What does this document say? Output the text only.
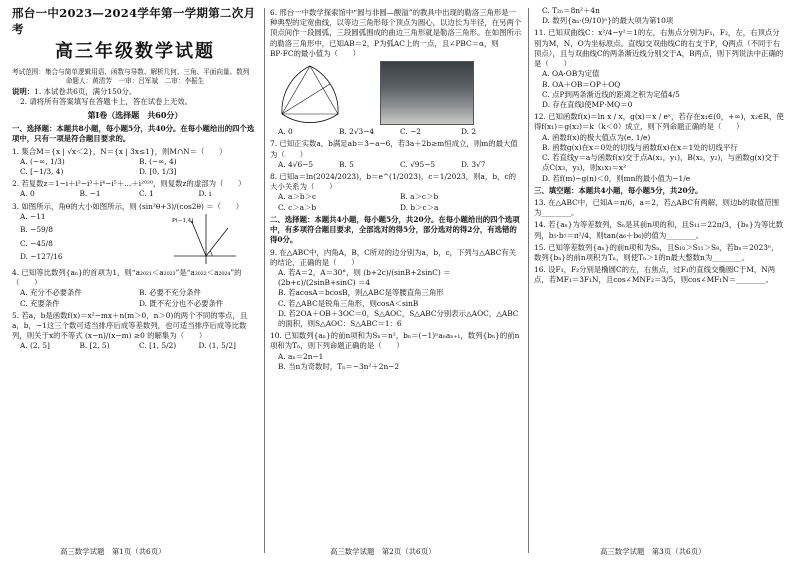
邢台一中2023—2024学年第一学期第二次月考

高三年级数学试题

考试范围：集合与简单逻辑用语、函数与导数、解析几何、三角、平面向量、数列

命题人：黄清芳　一审：吕军斌　二审：李振生

说明：1. 本试卷共6页，满分150分。

2. 请将所有答案填写在答题卡上，答在试卷上无效。

第Ⅰ卷（选择题　共60分）

一、选择题：本题共8小题，每小题5分，共40分。在每小题给出的四个选项中，只有一项是符合题目要求的。

1. 集合M＝{x | √x＜2}，N＝{x | 3x≤1}，则M∩N＝（　　）

A. (−∞, 1/3)	B. (−∞, 4)
C. [−1/3, 4)	D. [0, 1/3]

2. 若复数z＝1−i＋i²−i³＋i⁴−i⁵＋…＋i²⁰²⁰，则复数z的虚部为（　　）

A. 0	B. −1	C. 1	D. i

3. 如图所示，角θ的大小如图所示，则 (sin²θ+3)/(cos2θ) ＝（　　）

A. −11
B. −59/8
C. −45/8
D. −127/16
P(−1,4)

4. 已知等比数列{aₙ}的首项为1，则“a₂₀₂₁＜a₂₀₂₃”是“a₂₀₂₂＜a₂₀₂₄”的（　　）

A. 充分不必要条件	B. 必要不充分条件
C. 充要条件	D. 既不充分也不必要条件

5. 若a，b是函数f(x)＝x²−mx＋n(m＞0，n＞0)的两个不同的零点，且a，b，−1这三个数可适当排序后成等差数列，也可适当排序后成等比数列，则关于x的不等式 (x−n)/(x−m) ≥0 的解集为（　　）

A. (2, 5]	B. [2, 5)	C. [1, 5/2)	D. (1, 5/2]

6. 邢台一中数学探索馆中“圆与非圆—酸溢”的教具中出现的勒洛三角形是一种典型的定宽曲线，以等边三角形每个顶点为圆心，以边长为半径，在另两个顶点间作一段圆弧，三段圆弧围成的曲边三角形就是勒洛三角形。在如图所示的勒洛三角形中，已知AB＝2，P为弧AC上的一点，且∠PBC＝α，则BP·FC的最小值为（　　）

A. 0	B. 2√3−4	C. −2	D. 2

7. 已知正实数a，b满足ab＝3−a−6，若3a＋2b≥m恒成立，则m的最大值为（　　）

A. 4√6−5	B. 5	C. √95−5	D. 3√7

8. 已知a＝ln(2024/2023)，b＝e^(1/2023)，c＝1/2023，则a，b，c的大小关系为（　　）

A. a＞b＞c	B. a＞c＞b
C. c＞a＞b	D. b＞c＞a

二、选择题：本题共4小题，每小题5分，共20分。在每小题给出的四个选项中，有多项符合题目要求，全部选对的得5分，部分选对的得2分，有选错的得0分。

9. 在△ABC中，内角A，B，C所对的边分别为a，b，c，下列与△ABC有关的结论，正确的是（　　）

A. 若A＝2，A＝30°，则 (b+2c)/(sinB+2sinC) ＝ (2b+c)/(2sinB+sinC) ＝4
B. 若acosA＝bcosB，则△ABC是等腰直角三角形
C. 若△ABC是锐角三角形，则cosA＜sinB
D. 若2OA＋OB＋3OC＝0，S△AOC，S△ABC分别表示△AOC，△ABC的面积，则S△AOC：S△ABC＝1：6

10. 已知数列{aₙ}的前n项和为Sₙ＝n²，bₙ＝(−1)ⁿaₙaₙ₊₁，数列{bₙ}的前n项和为Tₙ，则下列命题正确的是（　　）

A. aₙ＝2n−1
B. 当n为奇数时，Tₙ＝−3n²＋2n−2
C. T₂ₙ＝8n²＋4n
D. 数列{aₙ·(9/10)ⁿ}的最大项为第10项

11. 已知双曲线C：x²/4−y²＝1的左，右焦点分别为F₁，F₂，左，右顶点分别为M，N，O为坐标原点。直线l交双曲线C的右支于P，Q两点（不同于右顶点），且与双曲线C的两条渐近线分别交于A，B两点，则下列说法中正确的是（　　）

A. OA·OB为定值
B. OA＋OB＝OP＋OQ
C. 点P到两条渐近线的距离之积为定值4/5
D. 存在直线l使MP·MQ＝0

12. 已知函数f(x)＝ln x / x，g(x)＝x / eˣ，若存在x₁∈(0，+∞)，x₂∈R，使得f(x₁)＝g(x₂)＝k（k＜0）成立，则下列命题正确的是（　　）

A. 函数f(x)的极大值点为(e, 1/e)
B. 函数g(x)在x＝0处的切线与函数f(x)在x＝1处的切线平行
C. 若直线y＝a与函数f(x)交于点A(x₁，y₁)，B(x₂，y₂)，与函数g(x)交于点C(x₃，y₃)，则x₁x₃＝x²
D. 若f(m)−g(n)＜0，则mn的最小值为−1/e

三、填空题：本题共4小题，每小题5分，共20分。

13. 在△ABC中，已知A＝π/6，a＝2，若△ABC有两解，则边b的取值范围为________。

14. 若{aₙ}为等差数列，Sₙ是其前n项的和，且S₁₁＝22π/3，{bₙ}为等比数列，b₅·b₇＝π²/4，则tan(a₆＋b₆)的值为________。

15. 已知等差数列{aₙ}的前n项和为Sₙ，且S₁₀＞S₁₁＞S₉，若bₙ＝2023ⁿ，数列{bₙ}的前n项积为Tₙ，则使Tₙ＞1的n最大整数n为________。

16. 设F₁，F₂分别是椭圆C的左，右焦点，过F₁的直线交椭圆C于M，N两点，若MF₁＝3F₁N，且cos∠MNF₂＝3/5，则cos∠MF₁N＝________。

高三数学试题　第1页（共6页）	高三数学试题　第2页（共6页）	高三数学试题　第3页（共6页）
